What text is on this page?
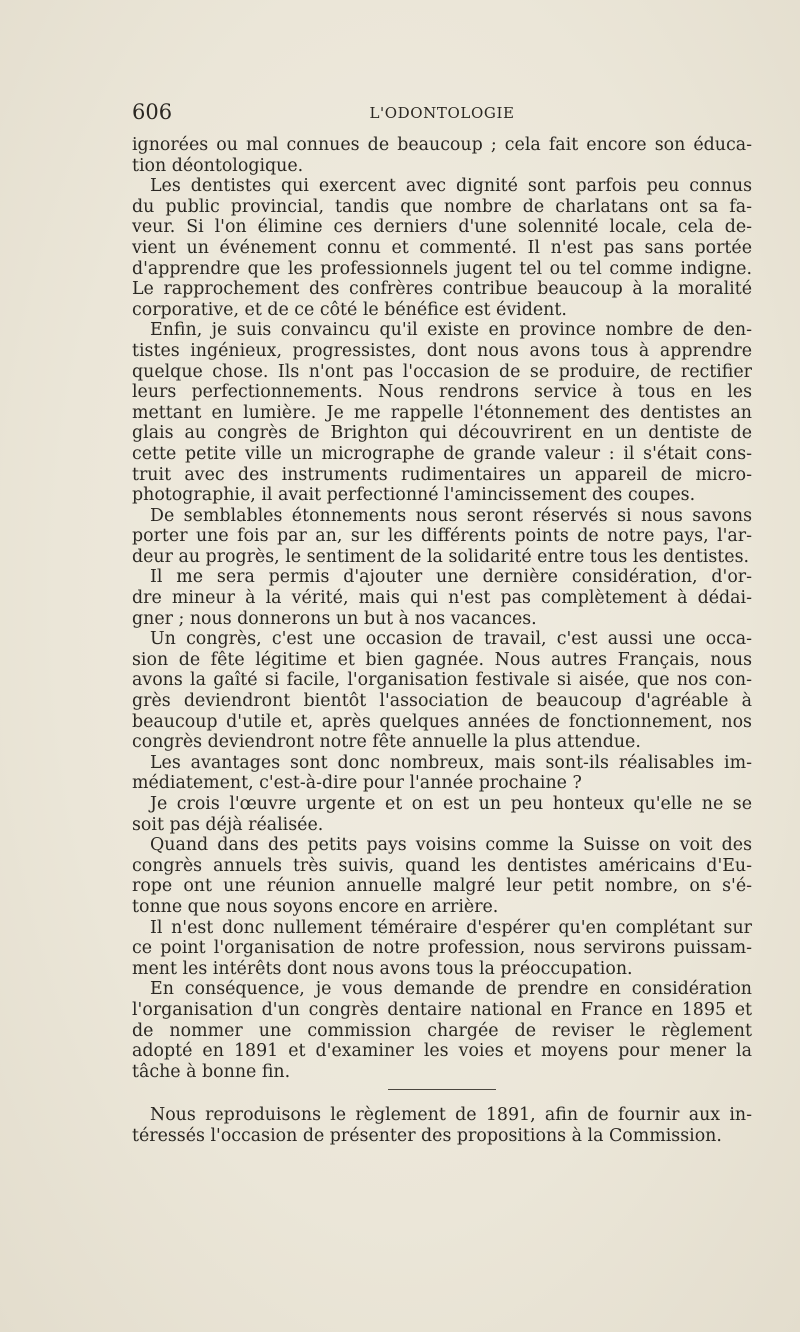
606	L'ODONTOLOGIE
ignorées ou mal connues de beaucoup ; cela fait encore son éduca-
tion déontologique.
Les dentistes qui exercent avec dignité sont parfois peu connus
du public provincial, tandis que nombre de charlatans ont sa fa-
veur. Si l'on élimine ces derniers d'une solennité locale, cela de-
vient un événement connu et commenté. Il n'est pas sans portée
d'apprendre que les professionnels jugent tel ou tel comme indigne.
Le rapprochement des confrères contribue beaucoup à la moralité
corporative, et de ce côté le bénéfice est évident.
Enfin, je suis convaincu qu'il existe en province nombre de den-
tistes ingénieux, progressistes, dont nous avons tous à apprendre
quelque chose. Ils n'ont pas l'occasion de se produire, de rectifier
leurs perfectionnements. Nous rendrons service à tous en les
mettant en lumière. Je me rappelle l'étonnement des dentistes an
glais au congrès de Brighton qui découvrirent en un dentiste de
cette petite ville un micrographe de grande valeur : il s'était cons-
truit avec des instruments rudimentaires un appareil de micro-
photographie, il avait perfectionné l'amincissement des coupes.
De semblables étonnements nous seront réservés si nous savons
porter une fois par an, sur les différents points de notre pays, l'ar-
deur au progrès, le sentiment de la solidarité entre tous les dentistes.
Il me sera permis d'ajouter une dernière considération, d'or-
dre mineur à la vérité, mais qui n'est pas complètement à dédai-
gner ; nous donnerons un but à nos vacances.
Un congrès, c'est une occasion de travail, c'est aussi une occa-
sion de fête légitime et bien gagnée. Nous autres Français, nous
avons la gaîté si facile, l'organisation festivale si aisée, que nos con-
grès deviendront bientôt l'association de beaucoup d'agréable à
beaucoup d'utile et, après quelques années de fonctionnement, nos
congrès deviendront notre fête annuelle la plus attendue.
Les avantages sont donc nombreux, mais sont-ils réalisables im-
médiatement, c'est-à-dire pour l'année prochaine ?
Je crois l'œuvre urgente et on est un peu honteux qu'elle ne se
soit pas déjà réalisée.
Quand dans des petits pays voisins comme la Suisse on voit des
congrès annuels très suivis, quand les dentistes américains d'Eu-
rope ont une réunion annuelle malgré leur petit nombre, on s'é-
tonne que nous soyons encore en arrière.
Il n'est donc nullement téméraire d'espérer qu'en complétant sur
ce point l'organisation de notre profession, nous servirons puissam-
ment les intérêts dont nous avons tous la préoccupation.
En conséquence, je vous demande de prendre en considération
l'organisation d'un congrès dentaire national en France en 1895 et
de nommer une commission chargée de reviser le règlement
adopté en 1891 et d'examiner les voies et moyens pour mener la
tâche à bonne fin.
Nous reproduisons le règlement de 1891, afin de fournir aux in-
téressés l'occasion de présenter des propositions à la Commission.
